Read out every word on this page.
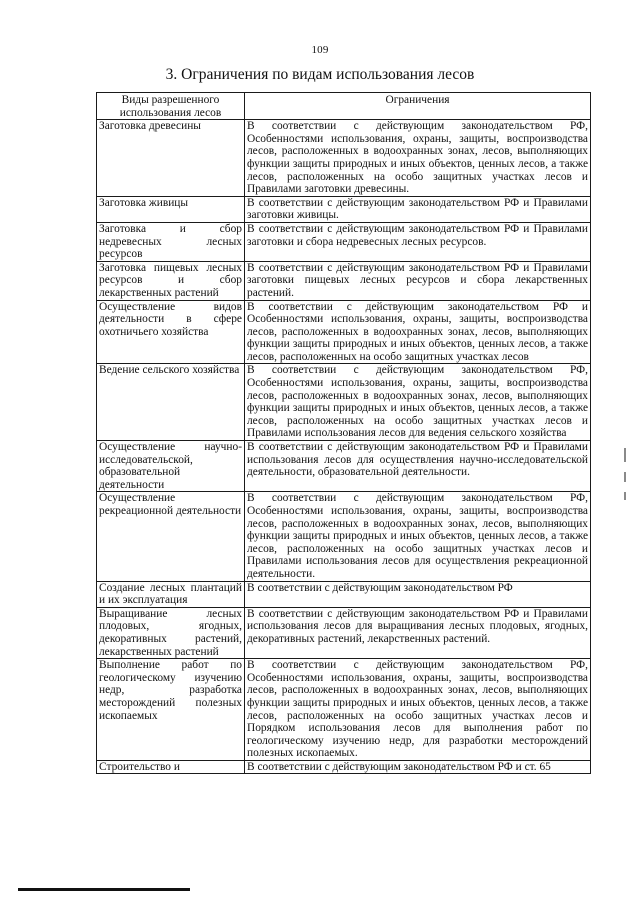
109
3. Ограничения по видам использования лесов
Виды разрешенного использования лесов	Ограничения
Заготовка древесины	В соответствии с действующим законодательством РФ, Особенностями использования, охраны, защиты, воспроизводства лесов, расположенных в водоохранных зонах, лесов, выполняющих функции защиты природных и иных объектов, ценных лесов, а также лесов, расположенных на особо защитных участках лесов и Правилами заготовки древесины.
Заготовка живицы	В соответствии с действующим законодательством РФ и Правилами заготовки живицы.
Заготовка и сбор недревесных лесных ресурсов	В соответствии с действующим законодательством РФ и Правилами заготовки и сбора недревесных лесных ресурсов.
Заготовка пищевых лесных ресурсов и сбор лекарственных растений	В соответствии с действующим законодательством РФ и Правилами заготовки пищевых лесных ресурсов и сбора лекарственных растений.
Осуществление видов деятельности в сфере охотничьего хозяйства	В соответствии с действующим законодательством РФ и Особенностями использования, охраны, защиты, воспроизводства лесов, расположенных в водоохранных зонах, лесов, выполняющих функции защиты природных и иных объектов, ценных лесов, а также лесов, расположенных на особо защитных участках лесов
Ведение сельского хозяйства	В соответствии с действующим законодательством РФ, Особенностями использования, охраны, защиты, воспроизводства лесов, расположенных в водоохранных зонах, лесов, выполняющих функции защиты природных и иных объектов, ценных лесов, а также лесов, расположенных на особо защитных участках лесов и Правилами использования лесов для ведения сельского хозяйства
Осуществление научно-исследовательской, образовательной деятельности	В соответствии с действующим законодательством РФ и Правилами использования лесов для осуществления научно-исследовательской деятельности, образовательной деятельности.
Осуществление рекреационной деятельности	В соответствии с действующим законодательством РФ, Особенностями использования, охраны, защиты, воспроизводства лесов, расположенных в водоохранных зонах, лесов, выполняющих функции защиты природных и иных объектов, ценных лесов, а также лесов, расположенных на особо защитных участках лесов и Правилами использования лесов для осуществления рекреационной деятельности.
Создание лесных плантаций и их эксплуатация	В соответствии с действующим законодательством РФ
Выращивание лесных плодовых, ягодных, декоративных растений, лекарственных растений	В соответствии с действующим законодательством РФ и Правилами использования лесов для выращивания лесных плодовых, ягодных, декоративных растений, лекарственных растений.
Выполнение работ по геологическому изучению недр, разработка месторождений полезных ископаемых	В соответствии с действующим законодательством РФ, Особенностями использования, охраны, защиты, воспроизводства лесов, расположенных в водоохранных зонах, лесов, выполняющих функции защиты природных и иных объектов, ценных лесов, а также лесов, расположенных на особо защитных участках лесов и Порядком использования лесов для выполнения работ по геологическому изучению недр, для разработки месторождений полезных ископаемых.
Строительство и	В соответствии с действующим законодательством РФ и ст. 65
